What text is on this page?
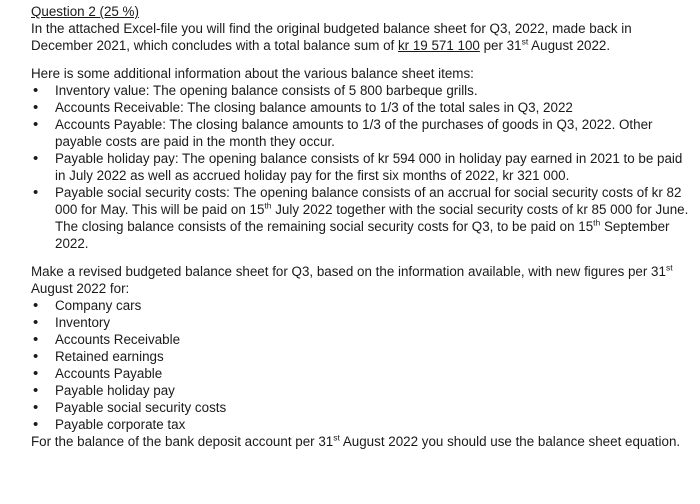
Question 2 (25 %)

In the attached Excel-file you will find the original budgeted balance sheet for Q3, 2022, made back in December 2021, which concludes with a total balance sum of kr 19 571 100 per 31st August 2022.

Here is some additional information about the various balance sheet items:

• Inventory value: The opening balance consists of 5 800 barbeque grills.
• Accounts Receivable: The closing balance amounts to 1/3 of the total sales in Q3, 2022
• Accounts Payable: The closing balance amounts to 1/3 of the purchases of goods in Q3, 2022. Other payable costs are paid in the month they occur.
• Payable holiday pay: The opening balance consists of kr 594 000 in holiday pay earned in 2021 to be paid in July 2022 as well as accrued holiday pay for the first six months of 2022, kr 321 000.
• Payable social security costs: The opening balance consists of an accrual for social security costs of kr 82 000 for May. This will be paid on 15th July 2022 together with the social security costs of kr 85 000 for June. The closing balance consists of the remaining social security costs for Q3, to be paid on 15th September 2022.

Make a revised budgeted balance sheet for Q3, based on the information available, with new figures per 31st August 2022 for:

• Company cars
• Inventory
• Accounts Receivable
• Retained earnings
• Accounts Payable
• Payable holiday pay
• Payable social security costs
• Payable corporate tax

For the balance of the bank deposit account per 31st August 2022 you should use the balance sheet equation.
